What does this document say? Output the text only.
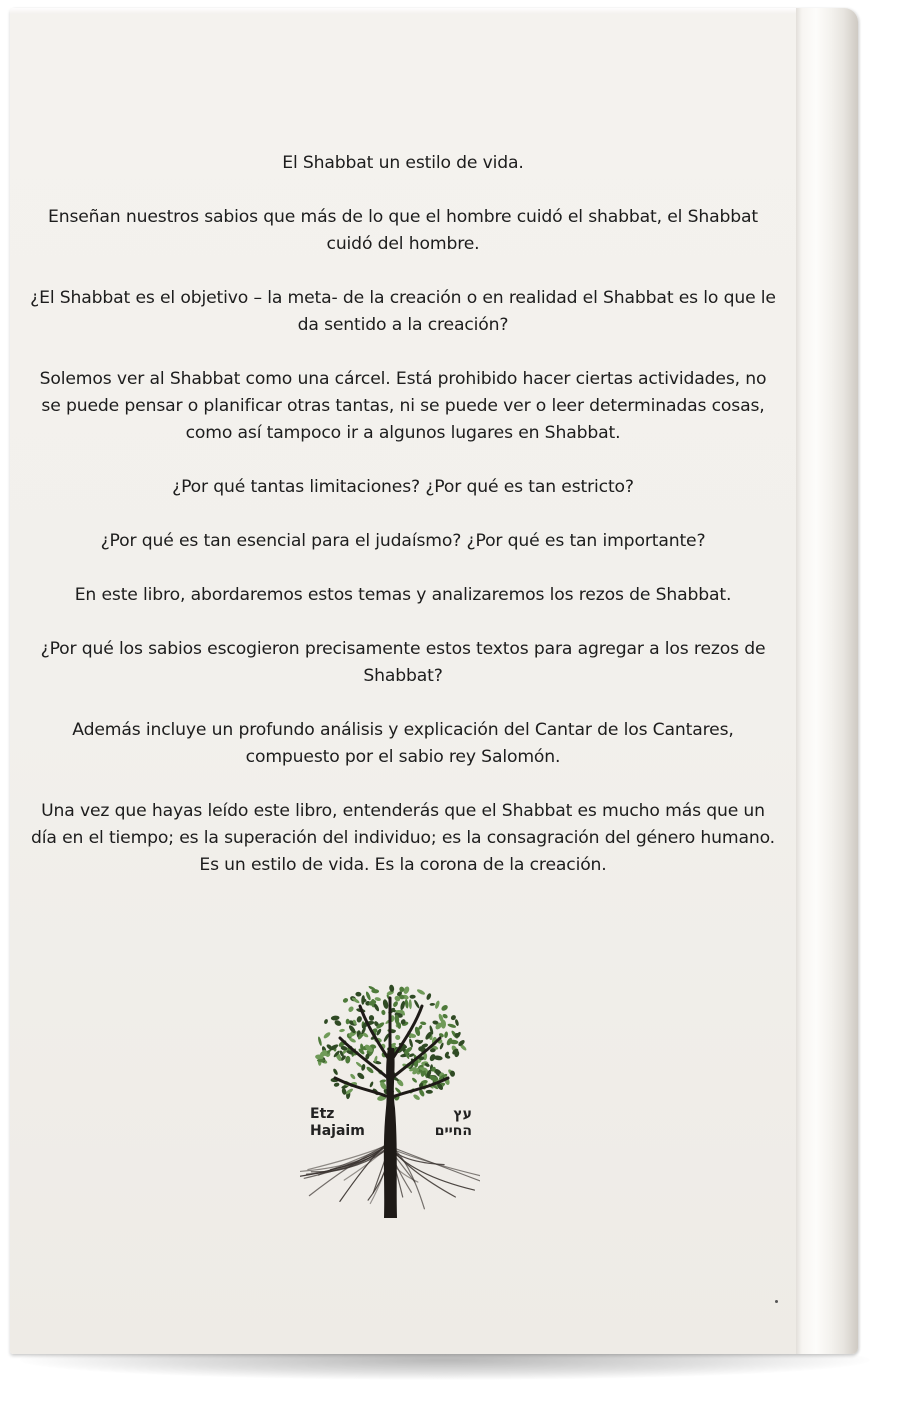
El Shabbat un estilo de vida.

Enseñan nuestros sabios que más de lo que el hombre cuidó el shabbat, el Shabbat cuidó del hombre.

¿El Shabbat es el objetivo – la meta- de la creación o en realidad el Shabbat es lo que le da sentido a la creación?

Solemos ver al Shabbat como una cárcel. Está prohibido hacer ciertas actividades, no se puede pensar o planificar otras tantas, ni se puede ver o leer determinadas cosas, como así tampoco ir a algunos lugares en Shabbat.

¿Por qué tantas limitaciones? ¿Por qué es tan estricto?

¿Por qué es tan esencial para el judaísmo? ¿Por qué es tan importante?

En este libro, abordaremos estos temas y analizaremos los rezos de Shabbat.

¿Por qué los sabios escogieron precisamente estos textos para agregar a los rezos de Shabbat?

Además incluye un profundo análisis y explicación del Cantar de los Cantares, compuesto por el sabio rey Salomón.

Una vez que hayas leído este libro, entenderás que el Shabbat es mucho más que un día en el tiempo; es la superación del individuo; es la consagración del género humano. Es un estilo de vida. Es la corona de la creación.

Etz
Hajaim
עץ
החיים
